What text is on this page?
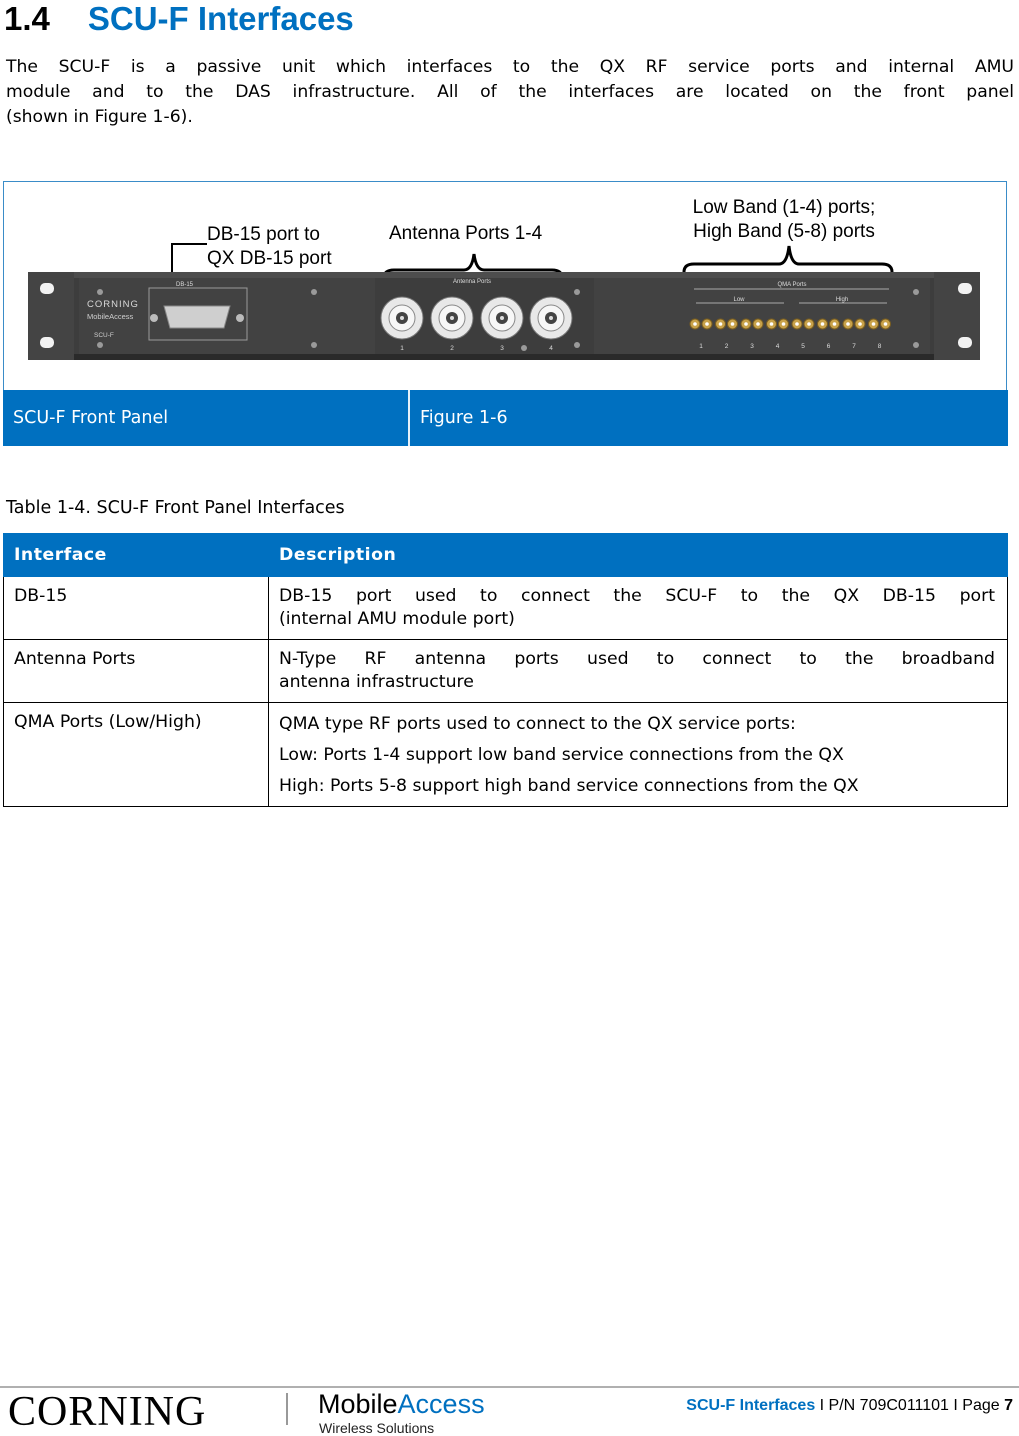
1.4 SCU-F Interfaces
The SCU-F is a passive unit which interfaces to the QX RF service ports and internal AMU
module and to the DAS infrastructure. All of the interfaces are located on the front panel
(shown in Figure 1-6).
DB-15 port to
QX DB-15 port
Antenna Ports 1-4
Low Band (1-4) ports;
High Band (5-8) ports
CORNING
MobileAccess
SCU-F
DB-15	Antenna Ports
1	2	3	4
QMA Ports
Low	High
1	2	3	4	5	6	7	8
SCU-F Front Panel	Figure 1-6
Table 1-4. SCU-F Front Panel Interfaces
Interface	Description
DB-15	DB-15 port used to connect the SCU-F to the QX DB-15 port
(internal AMU module port)
Antenna Ports	N-Type RF antenna ports used to connect to the broadband
antenna infrastructure
QMA Ports (Low/High)	QMA type RF ports used to connect to the QX service ports:
Low: Ports 1-4 support low band service connections from the QX
High: Ports 5-8 support high band service connections from the QX
CORNING	MobileAccess
Wireless Solutions
SCU-F Interfaces I P/N 709C011101 I Page 7
